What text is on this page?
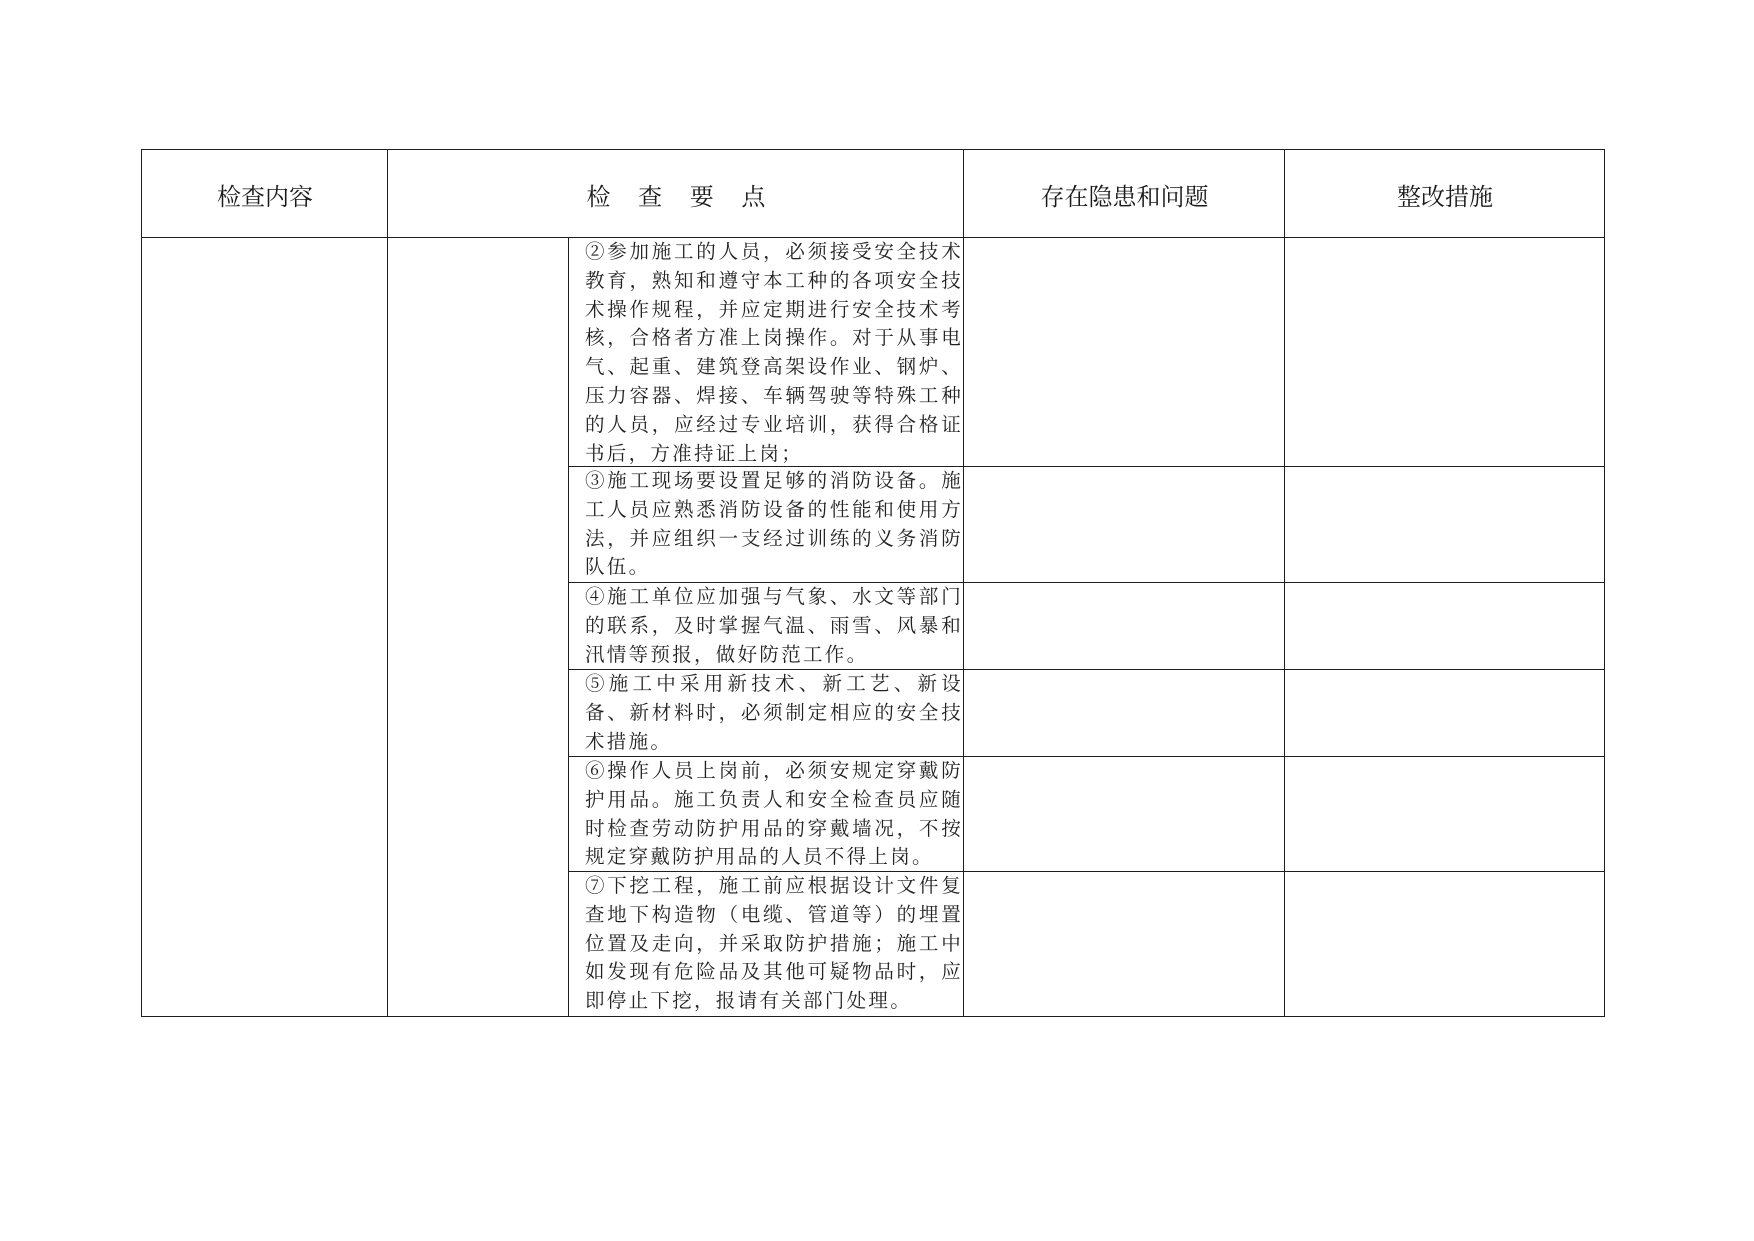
检查内容	检 查 要 点	存在隐患和问题	整改措施
②参加施工的人员，必须接受安全技术教育，熟知和遵守本工种的各项安全技术操作规程，并应定期进行安全技术考核，合格者方准上岗操作。对于从事电气、起重、建筑登高架设作业、钢炉、压力容器、焊接、车辆驾驶等特殊工种的人员，应经过专业培训，获得合格证书后，方准持证上岗；
③施工现场要设置足够的消防设备。施工人员应熟悉消防设备的性能和使用方法，并应组织一支经过训练的义务消防队伍。
④施工单位应加强与气象、水文等部门的联系，及时掌握气温、雨雪、风暴和汛情等预报，做好防范工作。
⑤施工中采用新技术、新工艺、新设备、新材料时，必须制定相应的安全技术措施。
⑥操作人员上岗前，必须安规定穿戴防护用品。施工负责人和安全检查员应随时检查劳动防护用品的穿戴墙况，不按规定穿戴防护用品的人员不得上岗。
⑦下挖工程，施工前应根据设计文件复查地下构造物（电缆、管道等）的埋置位置及走向，并采取防护措施；施工中如发现有危险品及其他可疑物品时，应即停止下挖，报请有关部门处理。
